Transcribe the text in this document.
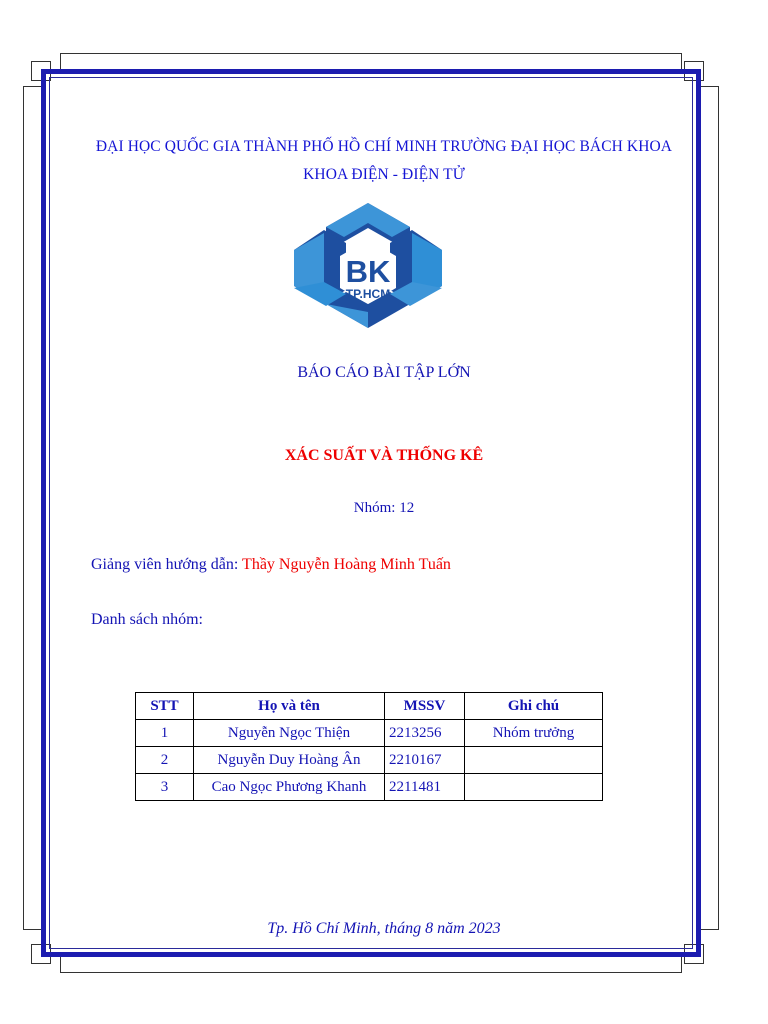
ĐẠI HỌC QUỐC GIA THÀNH PHỐ HỒ CHÍ MINH TRƯỜNG ĐẠI HỌC BÁCH KHOA
KHOA ĐIỆN - ĐIỆN TỬ
BK
TP.HCM
BÁO CÁO BÀI TẬP LỚN
XÁC SUẤT VÀ THỐNG KÊ
Nhóm: 12
Giảng viên hướng dẫn: Thầy Nguyễn Hoàng Minh Tuấn
Danh sách nhóm:
STT	Họ và tên	MSSV	Ghi chú
1	Nguyễn Ngọc Thiện	2213256	Nhóm trưởng
2	Nguyễn Duy Hoàng Ân	2210167	
3	Cao Ngọc Phương Khanh	2211481	
Tp. Hồ Chí Minh, tháng 8 năm 2023
